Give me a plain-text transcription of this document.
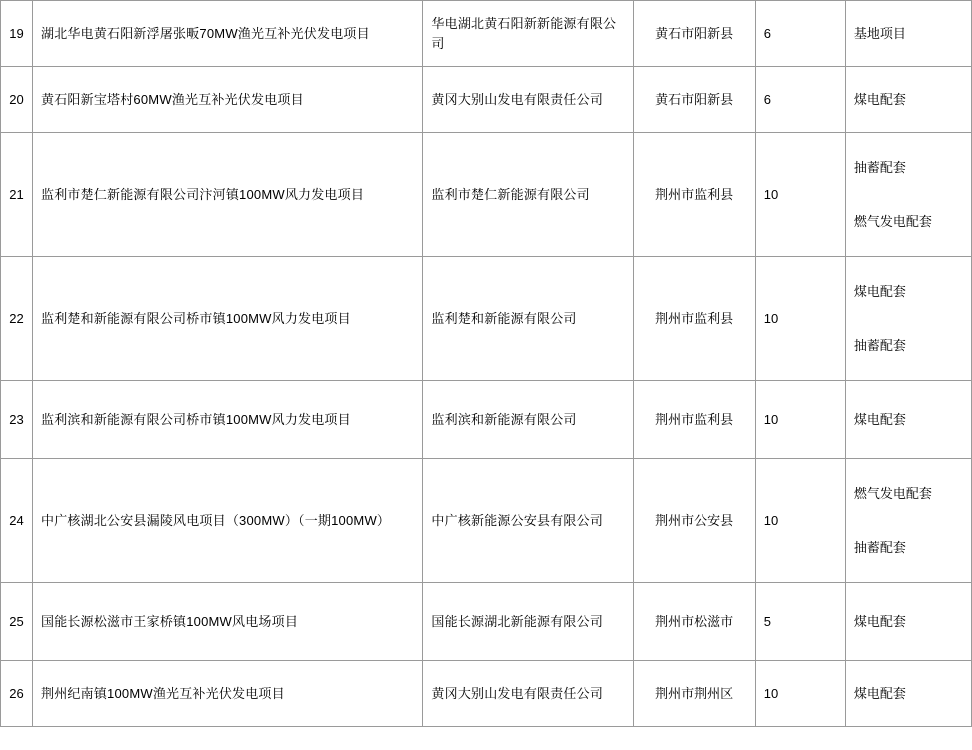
19	湖北华电黄石阳新浮屠张畈70MW渔光互补光伏发电项目	华电湖北黄石阳新新能源有限公司	黄石市阳新县	6	基地项目

20	黄石阳新宝塔村60MW渔光互补光伏发电项目	黄冈大别山发电有限责任公司	黄石市阳新县	6	煤电配套

21	监利市楚仁新能源有限公司汴河镇100MW风力发电项目	监利市楚仁新能源有限公司	荆州市监利县	10	抽蓄配套
燃气发电配套

22	监利楚和新能源有限公司桥市镇100MW风力发电项目	监利楚和新能源有限公司	荆州市监利县	10	煤电配套
抽蓄配套

23	监利滨和新能源有限公司桥市镇100MW风力发电项目	监利滨和新能源有限公司	荆州市监利县	10	煤电配套

24	中广核湖北公安县漏陵风电项目（300MW）（一期100MW）	中广核新能源公安县有限公司	荆州市公安县	10	燃气发电配套
抽蓄配套

25	国能长源松滋市王家桥镇100MW风电场项目	国能长源湖北新能源有限公司	荆州市松滋市	5	煤电配套

26	荆州纪南镇100MW渔光互补光伏发电项目	黄冈大别山发电有限责任公司	荆州市荆州区	10	煤电配套
